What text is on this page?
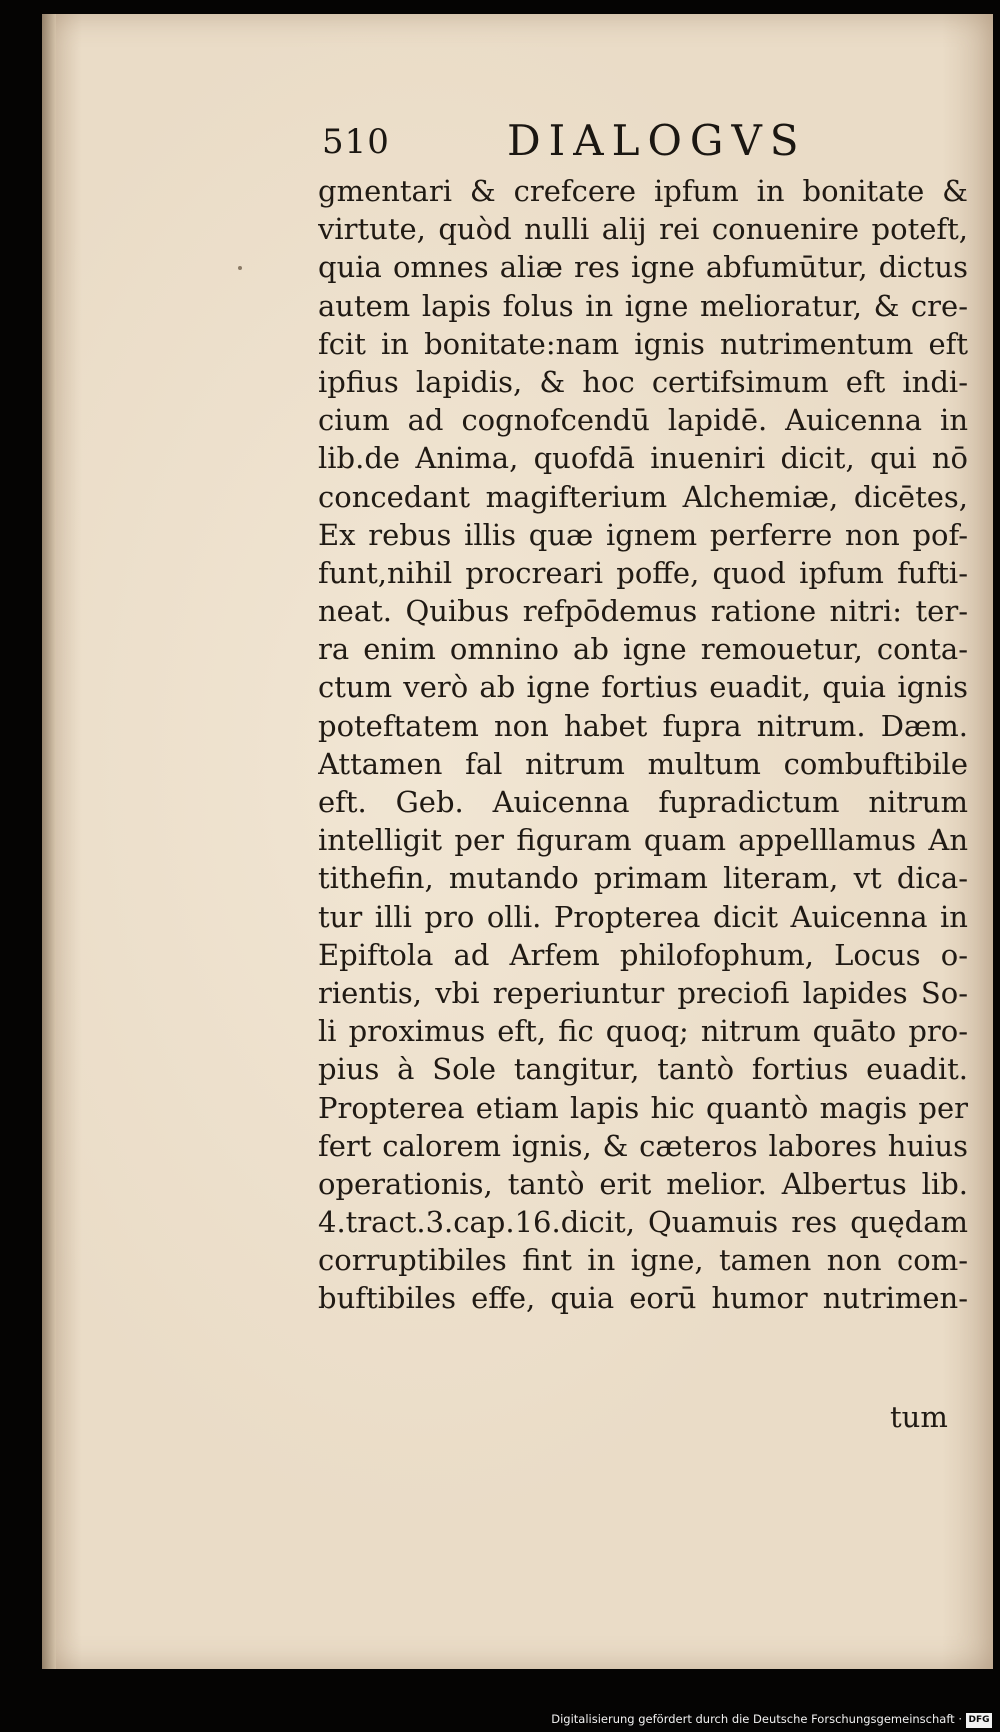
510	DIALOGVS
gmentari & crefcere ipfum in bonitate &
virtute, quòd nulli alij rei conuenire poteft,
quia omnes aliæ res igne abfumūtur, dictus
autem lapis folus in igne melioratur, & cre-
fcit in bonitate:nam ignis nutrimentum eft
ipfius lapidis, & hoc certifsimum eft indi-
cium ad cognofcendū lapidē. Auicenna in
lib.de Anima, quofdā inueniri dicit, qui nō
concedant magifterium Alchemiæ, dicētes,
Ex rebus illis quæ ignem perferre non pof-
funt,nihil procreari poffe, quod ipfum fufti-
neat. Quibus refpōdemus ratione nitri: ter-
ra enim omnino ab igne remouetur, conta-
ctum verò ab igne fortius euadit, quia ignis
poteftatem non habet fupra nitrum. Dæm.
Attamen fal nitrum multum combuftibile
eft. Geb. Auicenna fupradictum nitrum
intelligit per figuram quam appelllamus An
tithefin, mutando primam literam, vt dica-
tur illi pro olli. Propterea dicit Auicenna in
Epiftola ad Arfem philofophum, Locus o-
rientis, vbi reperiuntur preciofi lapides So-
li proximus eft, fic quoq; nitrum quāto pro-
pius à Sole tangitur, tantò fortius euadit.
Propterea etiam lapis hic quantò magis per
fert calorem ignis, & cæteros labores huius
operationis, tantò erit melior. Albertus lib.
4.tract.3.cap.16.dicit, Quamuis res quędam
corruptibiles fint in igne, tamen non com-
buftibiles effe, quia eorū humor nutrimen-
tum
Digitalisierung gefördert durch die Deutsche Forschungsgemeinschaft · DFG
